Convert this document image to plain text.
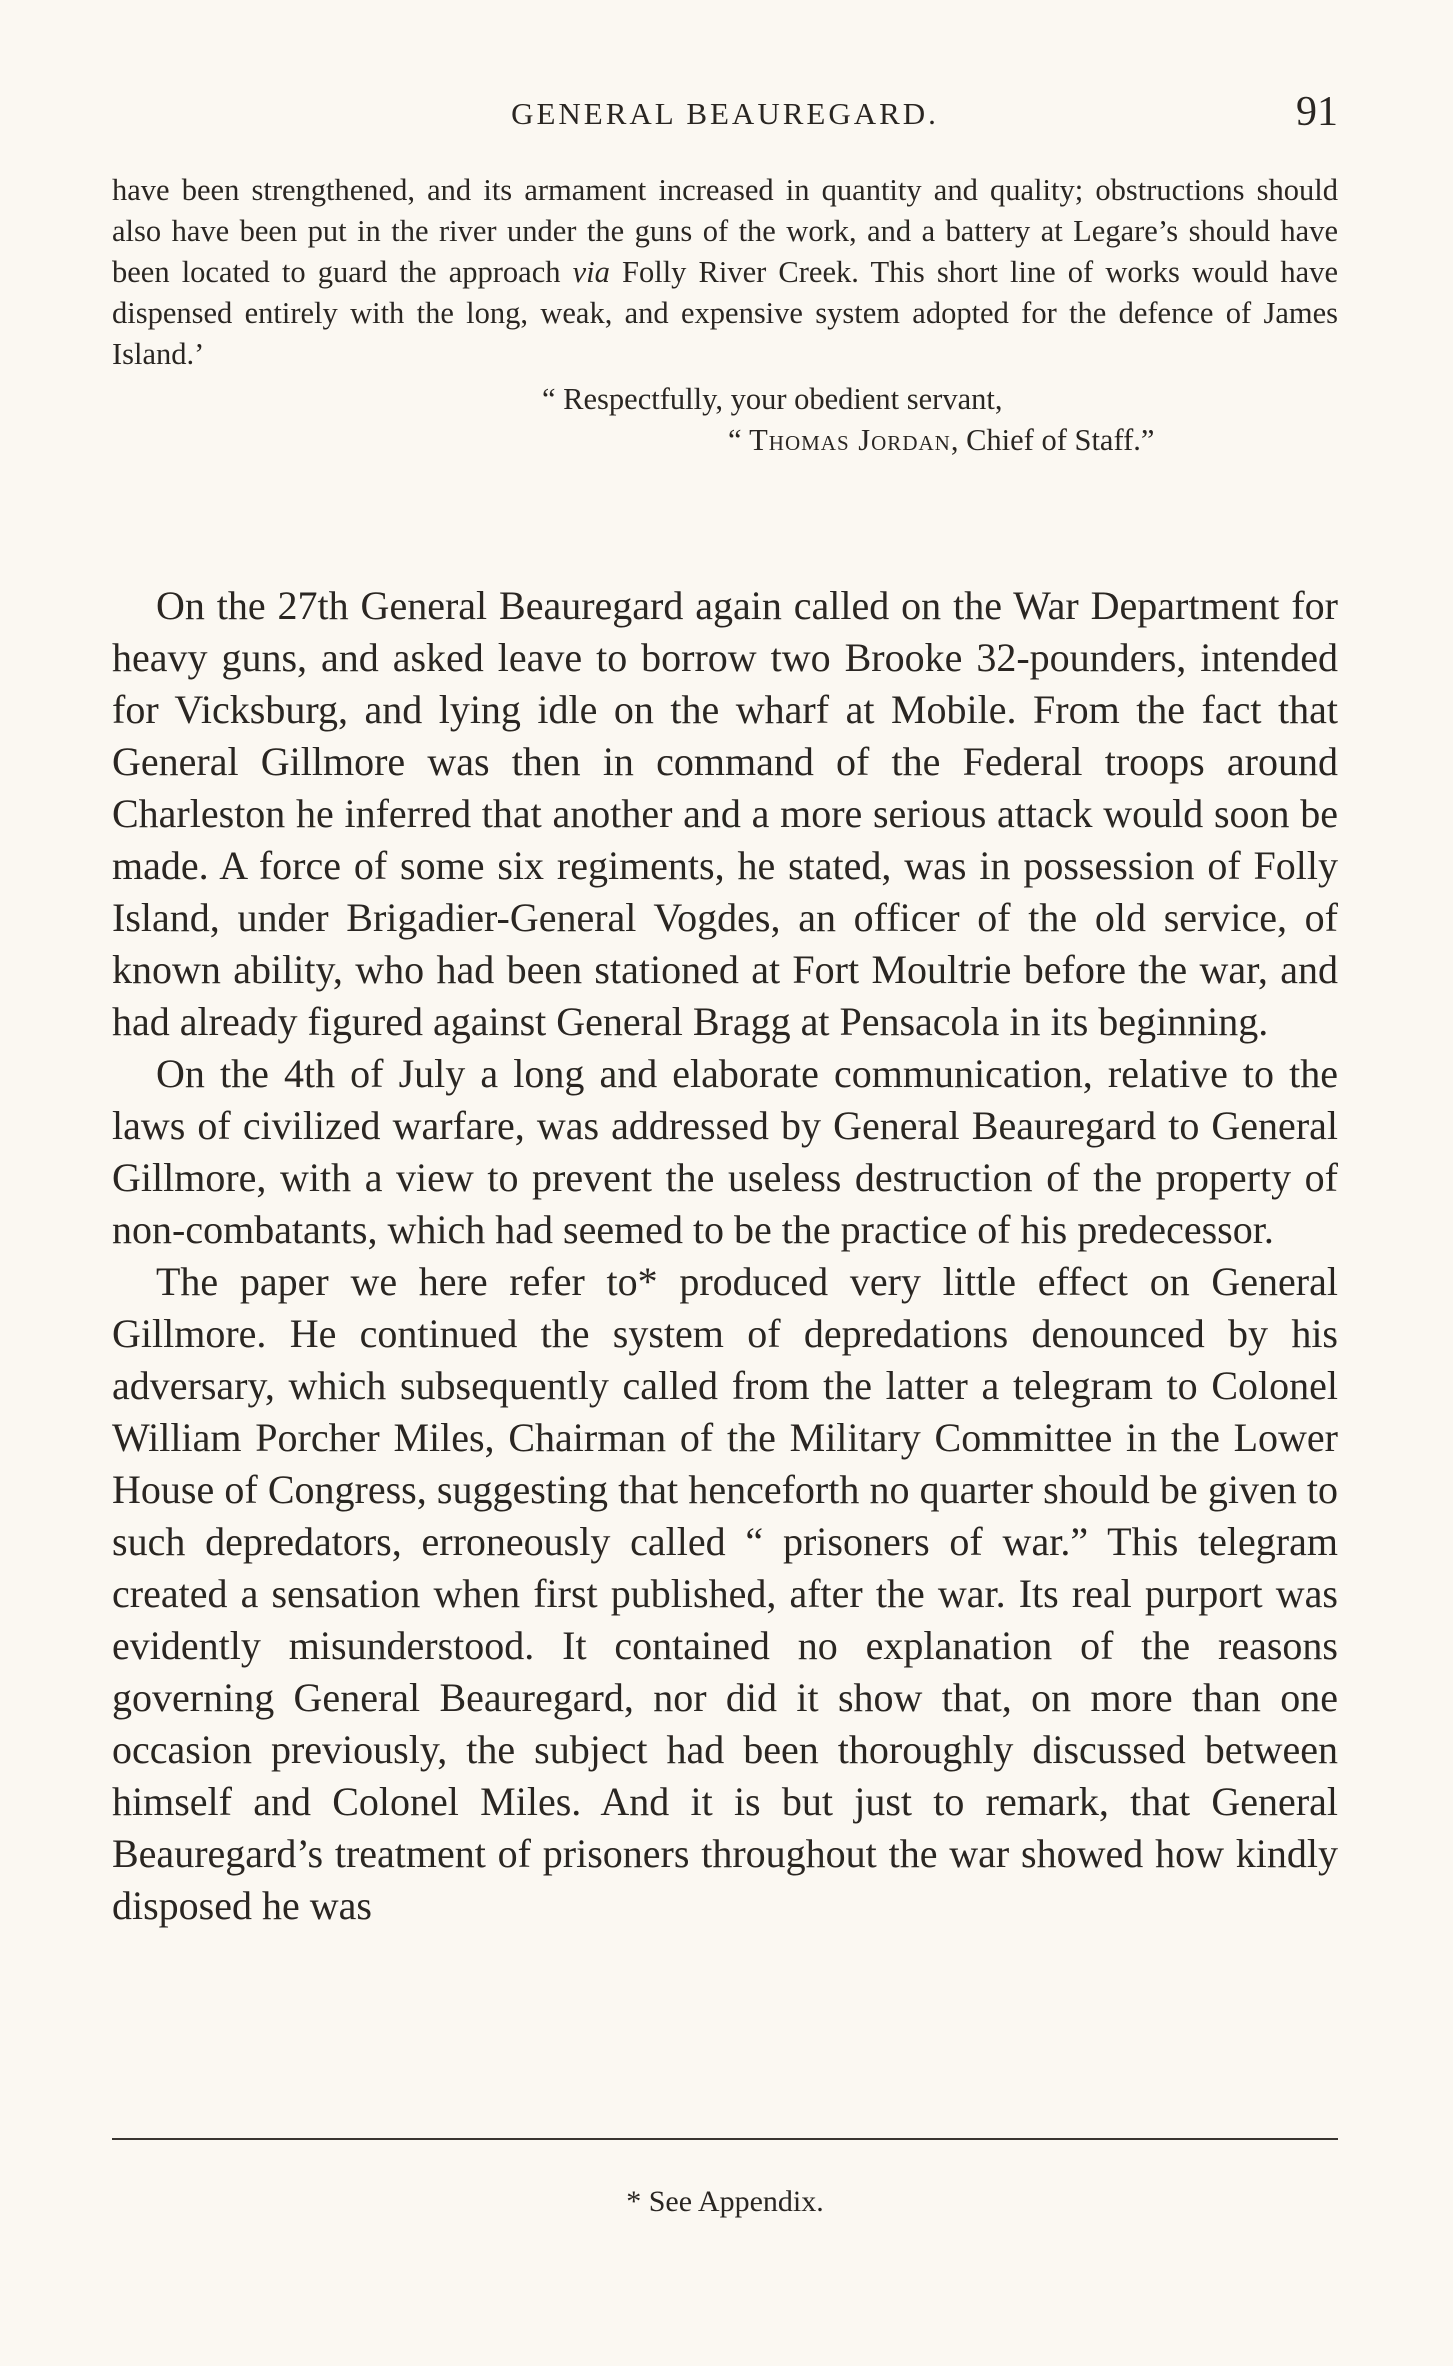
GENERAL BEAUREGARD.	91

have been strengthened, and its armament increased in quantity and quality; obstructions should also have been put in the river under the guns of the work, and a battery at Legare’s should have been located to guard the approach via Folly River Creek. This short line of works would have dispensed entirely with the long, weak, and expensive system adopted for the defence of James Island.’

“ Respectfully, your obedient servant,
“ Thomas Jordan, Chief of Staff.”

On the 27th General Beauregard again called on the War Department for heavy guns, and asked leave to borrow two Brooke 32-pounders, intended for Vicksburg, and lying idle on the wharf at Mobile. From the fact that General Gillmore was then in command of the Federal troops around Charleston he inferred that another and a more serious attack would soon be made. A force of some six regiments, he stated, was in possession of Folly Island, under Brigadier-General Vogdes, an officer of the old service, of known ability, who had been stationed at Fort Moultrie before the war, and had already figured against General Bragg at Pensacola in its beginning.

On the 4th of July a long and elaborate communication, relative to the laws of civilized warfare, was addressed by General Beauregard to General Gillmore, with a view to prevent the useless destruction of the property of non-combatants, which had seemed to be the practice of his predecessor.

The paper we here refer to* produced very little effect on General Gillmore. He continued the system of depredations denounced by his adversary, which subsequently called from the latter a telegram to Colonel William Porcher Miles, Chairman of the Military Committee in the Lower House of Congress, suggesting that henceforth no quarter should be given to such depredators, erroneously called “ prisoners of war.” This telegram created a sensation when first published, after the war. Its real purport was evidently misunderstood. It contained no explanation of the reasons governing General Beauregard, nor did it show that, on more than one occasion previously, the subject had been thoroughly discussed between himself and Colonel Miles. And it is but just to remark, that General Beauregard’s treatment of prisoners throughout the war showed how kindly disposed he was

* See Appendix.
